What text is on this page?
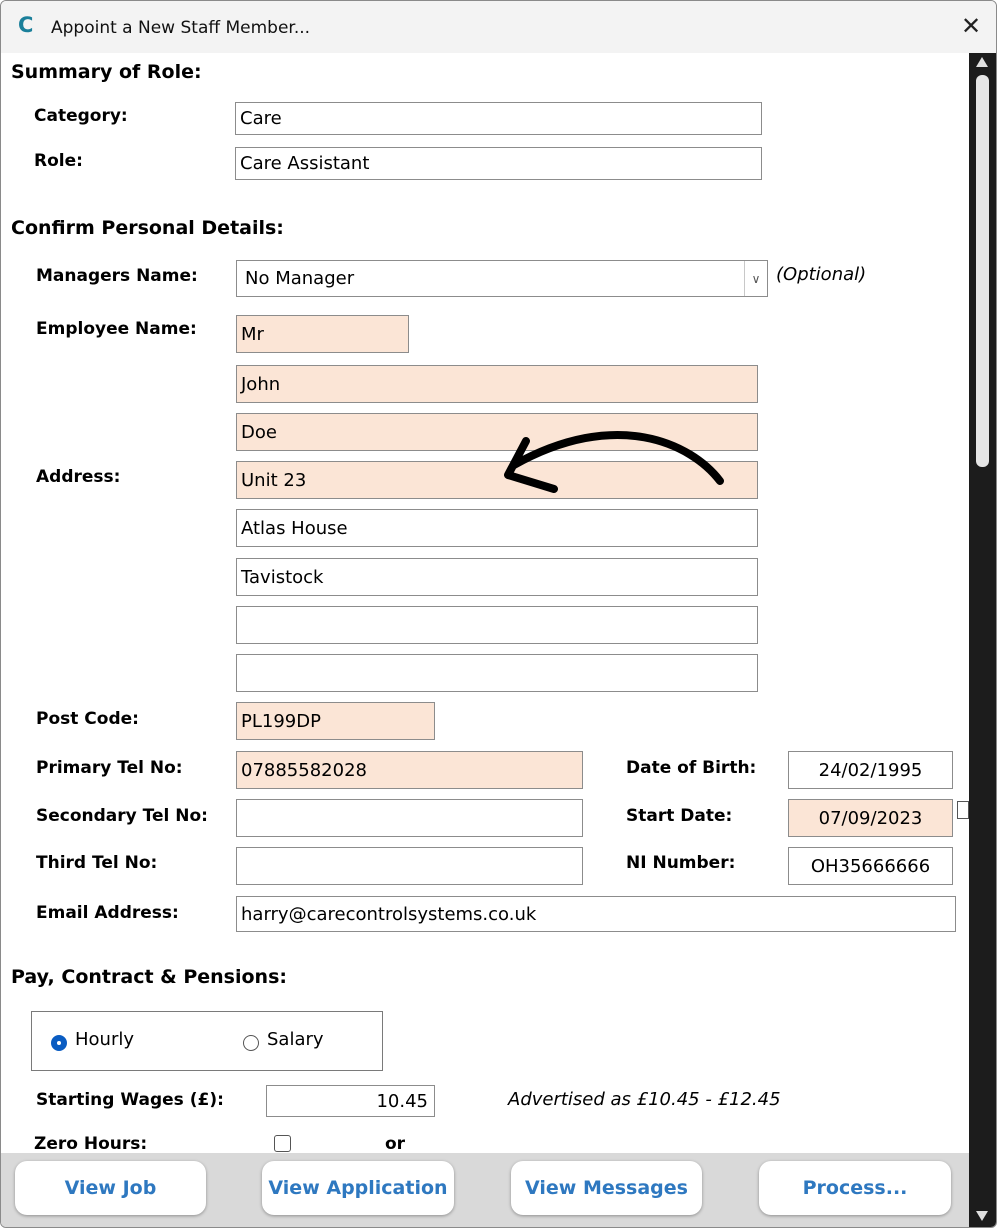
C Appoint a New Staff Member...	✕
Summary of Role:
Category:	Care
Role:	Care Assistant
Confirm Personal Details:
Managers Name:	No Manager	∨ (Optional)
Employee Name: Mr
John
Doe
Address:	Unit 23
Atlas House
Tavistock
Post Code:	PL199DP
Primary Tel No:	07885582028
Secondary Tel No:
Third Tel No:
Date of Birth:	24/02/1995
Start Date:	07/09/2023
NI Number:	OH35666666
Email Address:	harry@carecontrolsystems.co.uk
Pay, Contract & Pensions:
Hourly	Salary
Starting Wages (£):	10.45	Advertised as £10.45 - £12.45
Zero Hours:	or
View Job	View Application	View Messages	Process...
